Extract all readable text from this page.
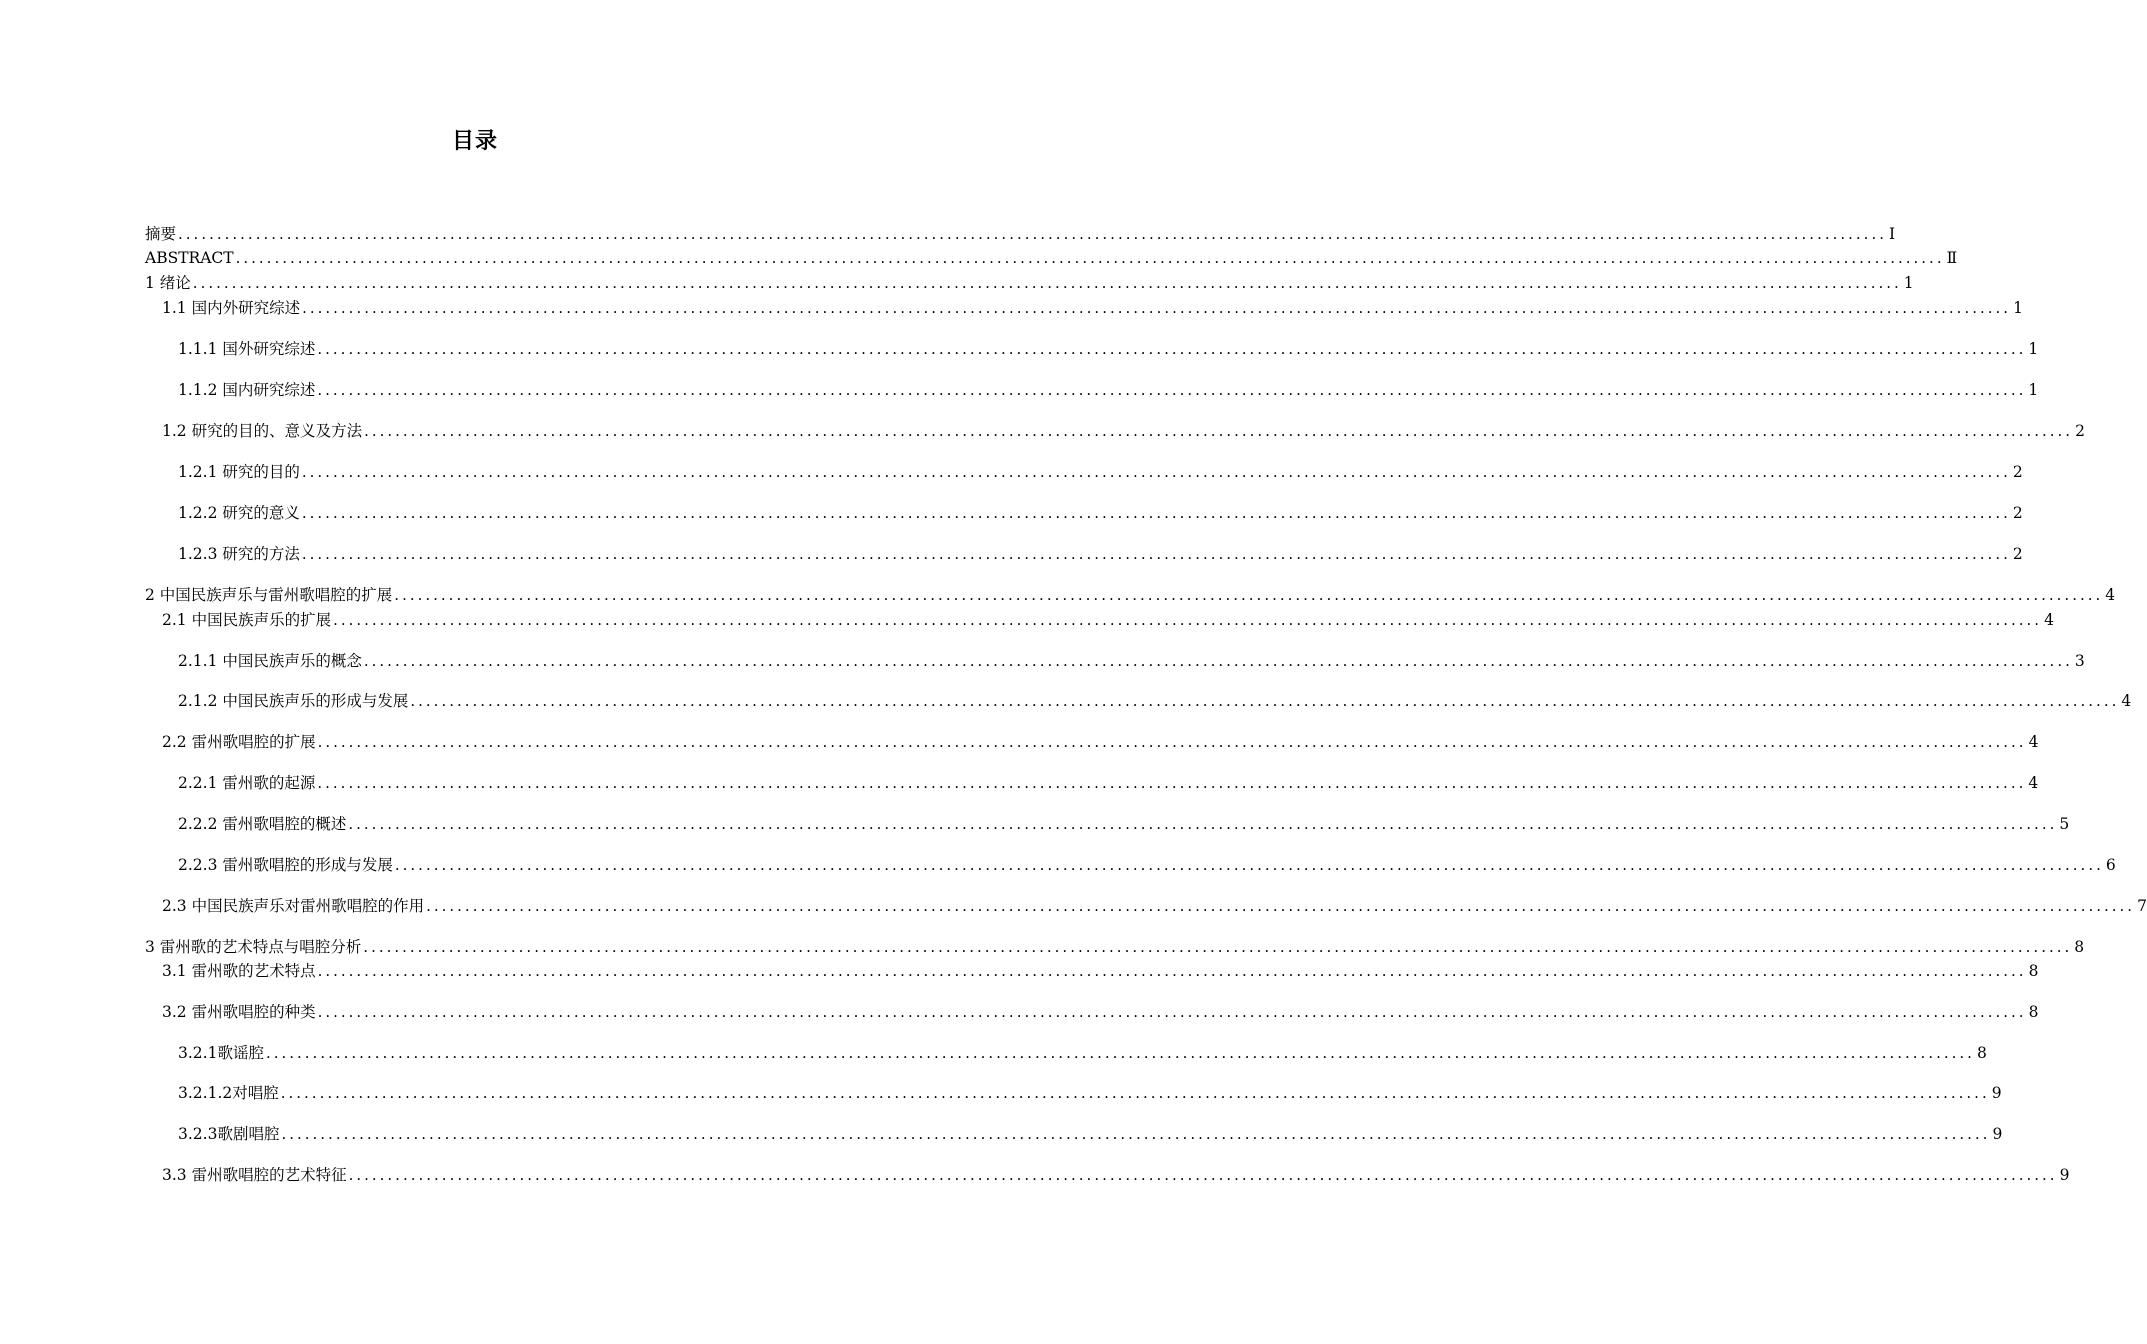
目录
摘要 ............................................................................................................................................................................................................................ Ⅰ
ABSTRACT ............................................................................................................................................................................................................................ Ⅱ
1 绪论 ............................................................................................................................................................................................................................ 1
1.1 国内外研究综述 ............................................................................................................................................................................................................................ 1
1.1.1 国外研究综述 ............................................................................................................................................................................................................................ 1
1.1.2 国内研究综述 ............................................................................................................................................................................................................................ 1
1.2 研究的目的、意义及方法 ............................................................................................................................................................................................................................ 2
1.2.1 研究的目的 ............................................................................................................................................................................................................................ 2
1.2.2 研究的意义 ............................................................................................................................................................................................................................ 2
1.2.3 研究的方法 ............................................................................................................................................................................................................................ 2
2 中国民族声乐与雷州歌唱腔的扩展 ............................................................................................................................................................................................................................ 4
2.1 中国民族声乐的扩展 ............................................................................................................................................................................................................................ 4
2.1.1 中国民族声乐的概念 ............................................................................................................................................................................................................................ 3
2.1.2 中国民族声乐的形成与发展 ............................................................................................................................................................................................................................ 4
2.2 雷州歌唱腔的扩展 ............................................................................................................................................................................................................................ 4
2.2.1 雷州歌的起源 ............................................................................................................................................................................................................................ 4
2.2.2 雷州歌唱腔的概述 ............................................................................................................................................................................................................................ 5
2.2.3 雷州歌唱腔的形成与发展 ............................................................................................................................................................................................................................ 6
2.3 中国民族声乐对雷州歌唱腔的作用 ............................................................................................................................................................................................................................ 7
3 雷州歌的艺术特点与唱腔分析 ............................................................................................................................................................................................................................ 8
3.1 雷州歌的艺术特点 ............................................................................................................................................................................................................................ 8
3.2 雷州歌唱腔的种类 ............................................................................................................................................................................................................................ 8
3.2.1歌谣腔 ............................................................................................................................................................................................................................ 8
3.2.1.2对唱腔 ............................................................................................................................................................................................................................ 9
3.2.3歌剧唱腔 ............................................................................................................................................................................................................................ 9
3.3 雷州歌唱腔的艺术特征 ............................................................................................................................................................................................................................ 9
